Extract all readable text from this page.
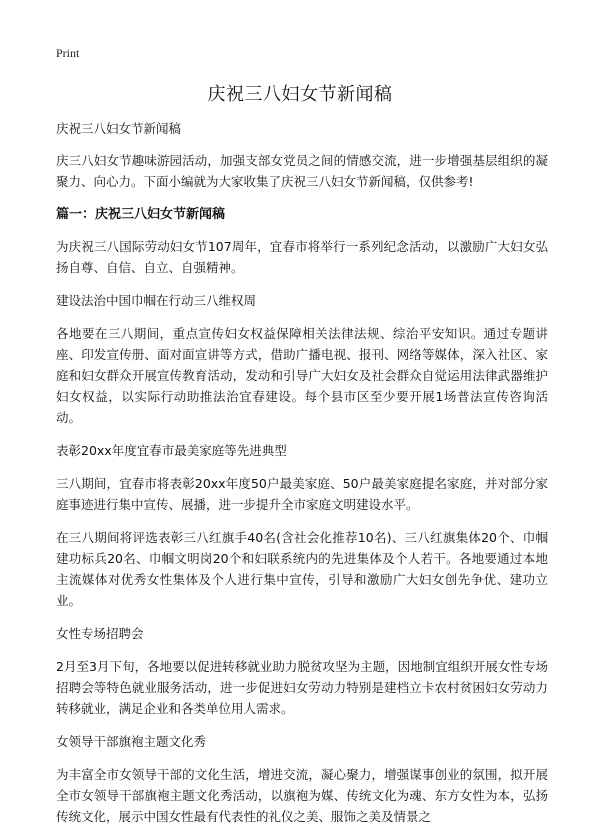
Print
庆祝三八妇女节新闻稿
庆祝三八妇女节新闻稿

庆三八妇女节趣味游园活动，加强支部女党员之间的情感交流，进一步增强基层组织的凝聚力、向心力。下面小编就为大家收集了庆祝三八妇女节新闻稿，仅供参考!

篇一：庆祝三八妇女节新闻稿

为庆祝三八国际劳动妇女节107周年，宜春市将举行一系列纪念活动，以激励广大妇女弘扬自尊、自信、自立、自强精神。

建设法治中国巾帼在行动三八维权周

各地要在三八期间，重点宣传妇女权益保障相关法律法规、综治平安知识。通过专题讲座、印发宣传册、面对面宣讲等方式，借助广播电视、报刊、网络等媒体，深入社区、家庭和妇女群众开展宣传教育活动，发动和引导广大妇女及社会群众自觉运用法律武器维护妇女权益，以实际行动助推法治宜春建设。每个县市区至少要开展1场普法宣传咨询活动。

表彰20xx年度宜春市最美家庭等先进典型

三八期间，宜春市将表彰20xx年度50户最美家庭、50户最美家庭提名家庭，并对部分家庭事迹进行集中宣传、展播，进一步提升全市家庭文明建设水平。

在三八期间将评选表彰三八红旗手40名(含社会化推荐10名)、三八红旗集体20个、巾帼建功标兵20名、巾帼文明岗20个和妇联系统内的先进集体及个人若干。各地要通过本地主流媒体对优秀女性集体及个人进行集中宣传，引导和激励广大妇女创先争优、建功立业。

女性专场招聘会

2月至3月下旬，各地要以促进转移就业助力脱贫攻坚为主题，因地制宜组织开展女性专场招聘会等特色就业服务活动，进一步促进妇女劳动力特别是建档立卡农村贫困妇女劳动力转移就业，满足企业和各类单位用人需求。

女领导干部旗袍主题文化秀

为丰富全市女领导干部的文化生活，增进交流，凝心聚力，增强谋事创业的氛围，拟开展全市女领导干部旗袍主题文化秀活动，以旗袍为媒、传统文化为魂、东方女性为本，弘扬传统文化，展示中国女性最有代表性的礼仪之美、服饰之美及情景之
